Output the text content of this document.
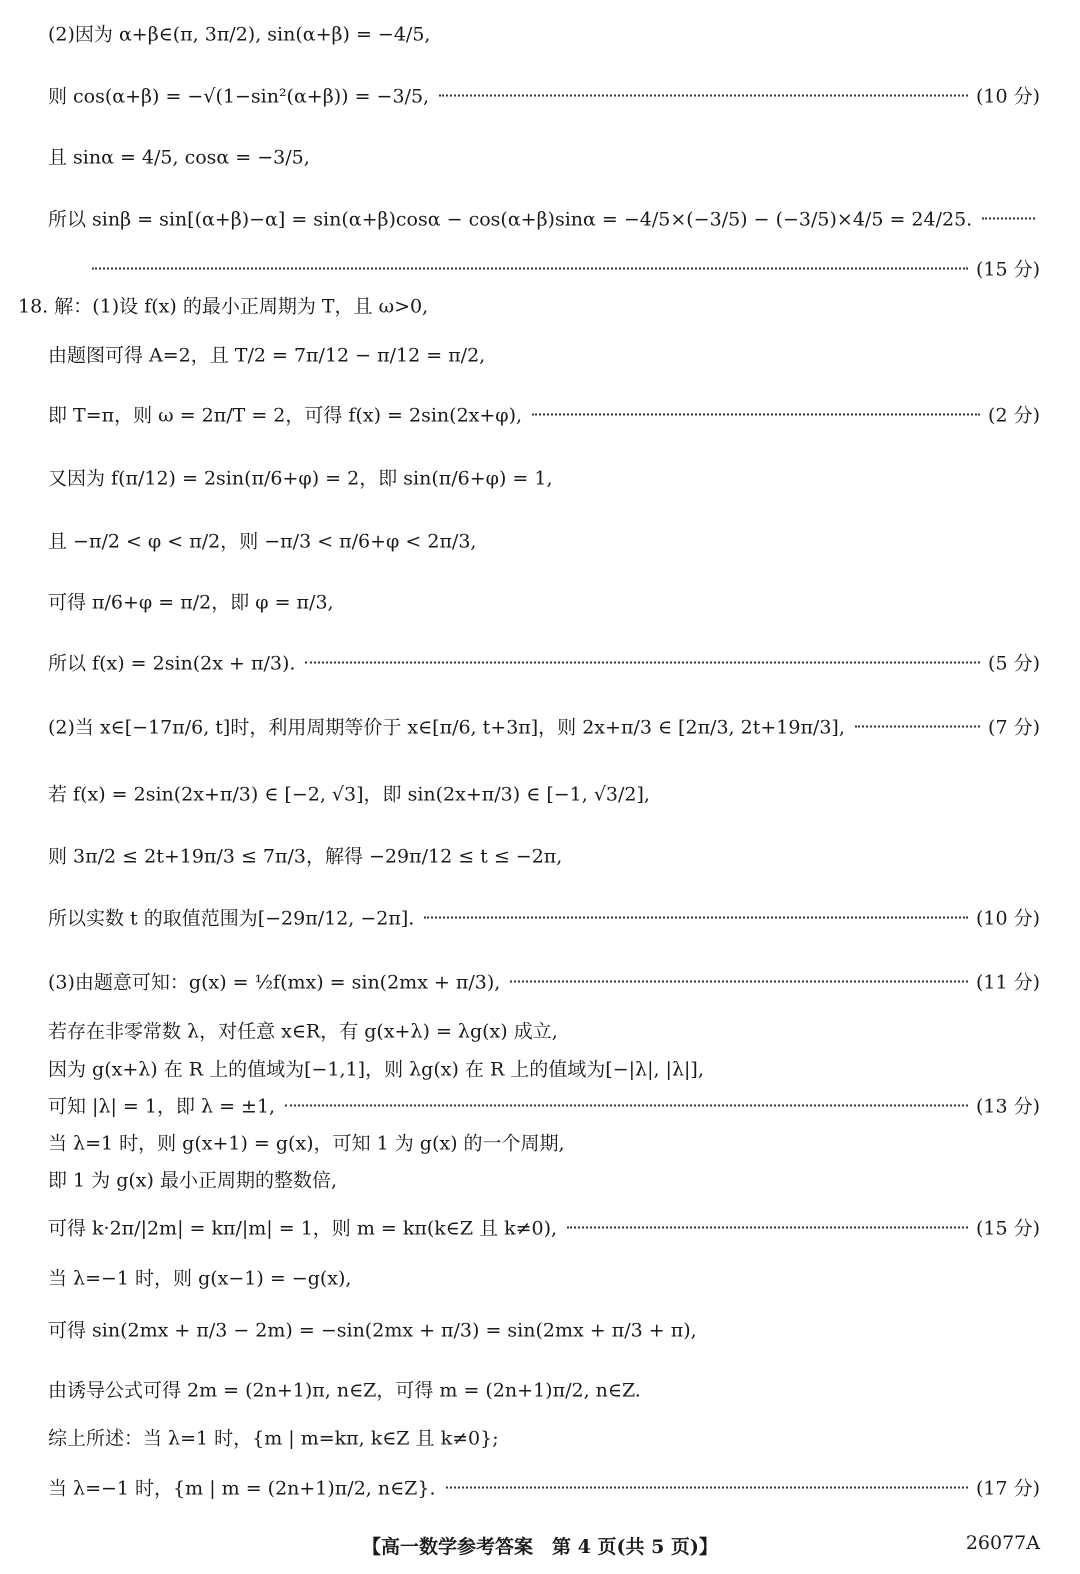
(2)因为 α+β∈(π, 3π/2), sin(α+β) = −4/5,
则 cos(α+β) = −√(1−sin²(α+β)) = −3/5,	(10 分)
且 sinα = 4/5, cosα = −3/5,
所以 sinβ = sin[(α+β)−α] = sin(α+β)cosα − cos(α+β)sinα = −4/5×(−3/5) − (−3/5)×4/5 = 24/25.
(15 分)
18. 解：(1)设 f(x) 的最小正周期为 T，且 ω>0,
由题图可得 A=2，且 T/2 = 7π/12 − π/12 = π/2,
即 T=π，则 ω = 2π/T = 2，可得 f(x) = 2sin(2x+φ),	(2 分)
又因为 f(π/12) = 2sin(π/6+φ) = 2，即 sin(π/6+φ) = 1,
且 −π/2 < φ < π/2，则 −π/3 < π/6+φ < 2π/3,
可得 π/6+φ = π/2，即 φ = π/3,
所以 f(x) = 2sin(2x + π/3).	(5 分)
(2)当 x∈[−17π/6, t]时，利用周期等价于 x∈[π/6, t+3π]，则 2x+π/3 ∈ [2π/3, 2t+19π/3],	(7 分)
若 f(x) = 2sin(2x+π/3) ∈ [−2, √3]，即 sin(2x+π/3) ∈ [−1, √3/2],
则 3π/2 ≤ 2t+19π/3 ≤ 7π/3，解得 −29π/12 ≤ t ≤ −2π,
所以实数 t 的取值范围为[−29π/12, −2π].	(10 分)
(3)由题意可知：g(x) = ½f(mx) = sin(2mx + π/3),	(11 分)
若存在非零常数 λ，对任意 x∈R，有 g(x+λ) = λg(x) 成立,
因为 g(x+λ) 在 R 上的值域为[−1,1]，则 λg(x) 在 R 上的值域为[−|λ|, |λ|],
可知 |λ| = 1，即 λ = ±1,	(13 分)
当 λ=1 时，则 g(x+1) = g(x)，可知 1 为 g(x) 的一个周期,
即 1 为 g(x) 最小正周期的整数倍,
可得 k·2π/|2m| = kπ/|m| = 1，则 m = kπ(k∈Z 且 k≠0),	(15 分)
当 λ=−1 时，则 g(x−1) = −g(x),
可得 sin(2mx + π/3 − 2m) = −sin(2mx + π/3) = sin(2mx + π/3 + π),
由诱导公式可得 2m = (2n+1)π, n∈Z，可得 m = (2n+1)π/2, n∈Z.
综上所述：当 λ=1 时，{m | m=kπ, k∈Z 且 k≠0};
当 λ=−1 时，{m | m = (2n+1)π/2, n∈Z}.	(17 分)
【高一数学参考答案　第 4 页(共 5 页)】	26077A
